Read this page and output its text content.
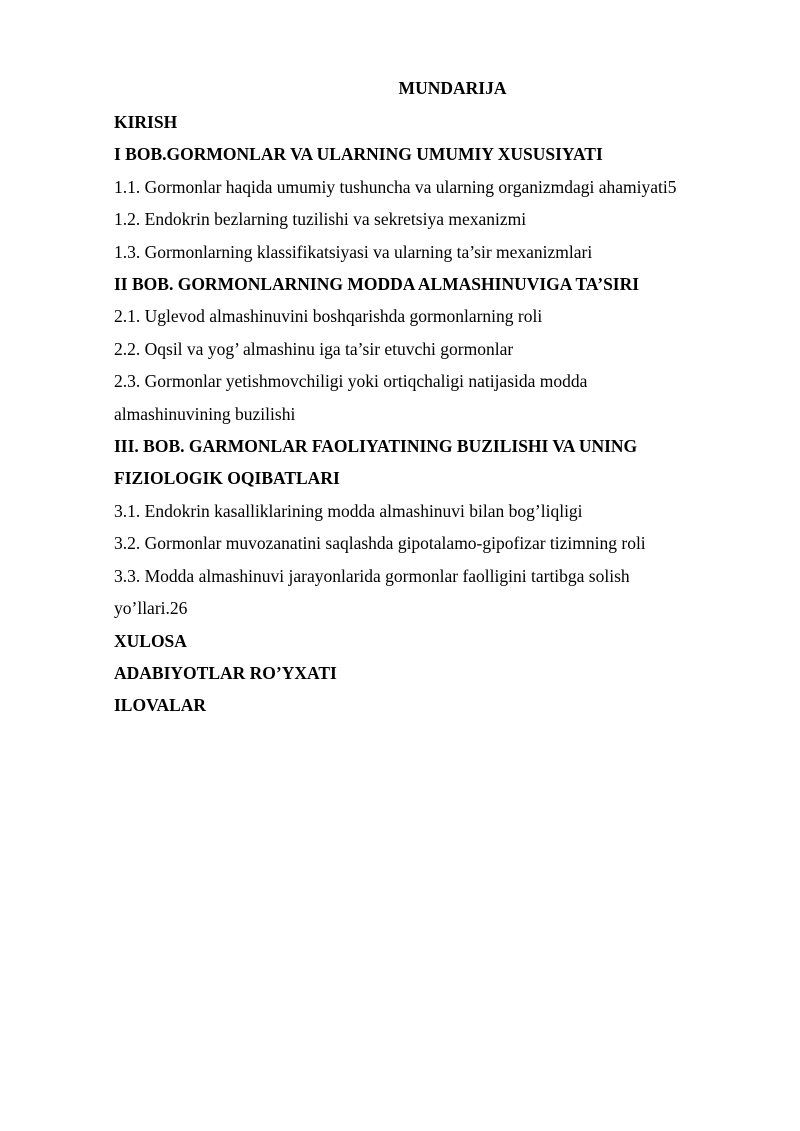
MUNDARIJA
KIRISH
I BOB.GORMONLAR VA ULARNING UMUMIY XUSUSIYATI
1.1. Gormonlar haqida umumiy tushuncha va ularning organizmdagi ahamiyati5
1.2. Endokrin bezlarning tuzilishi va sekretsiya mexanizmi
1.3. Gormonlarning klassifikatsiyasi va ularning ta’sir mexanizmlari
II BOB. GORMONLARNING MODDA ALMASHINUVIGA TA’SIRI
2.1. Uglevod almashinuvini boshqarishda gormonlarning roli
2.2. Oqsil va yog’ almashinu iga ta’sir etuvchi gormonlar
2.3. Gormonlar yetishmovchiligi yoki ortiqchaligi natijasida modda
almashinuvining buzilishi
III. BOB. GARMONLAR FAOLIYATINING BUZILISHI VA UNING
FIZIOLOGIK OQIBATLARI
3.1. Endokrin kasalliklarining modda almashinuvi bilan bog’liqligi
3.2. Gormonlar muvozanatini saqlashda gipotalamo-gipofizar tizimning roli
3.3. Modda almashinuvi jarayonlarida gormonlar faolligini tartibga solish
yo’llari.26
XULOSA
ADABIYOTLAR RO’YXATI
ILOVALAR
